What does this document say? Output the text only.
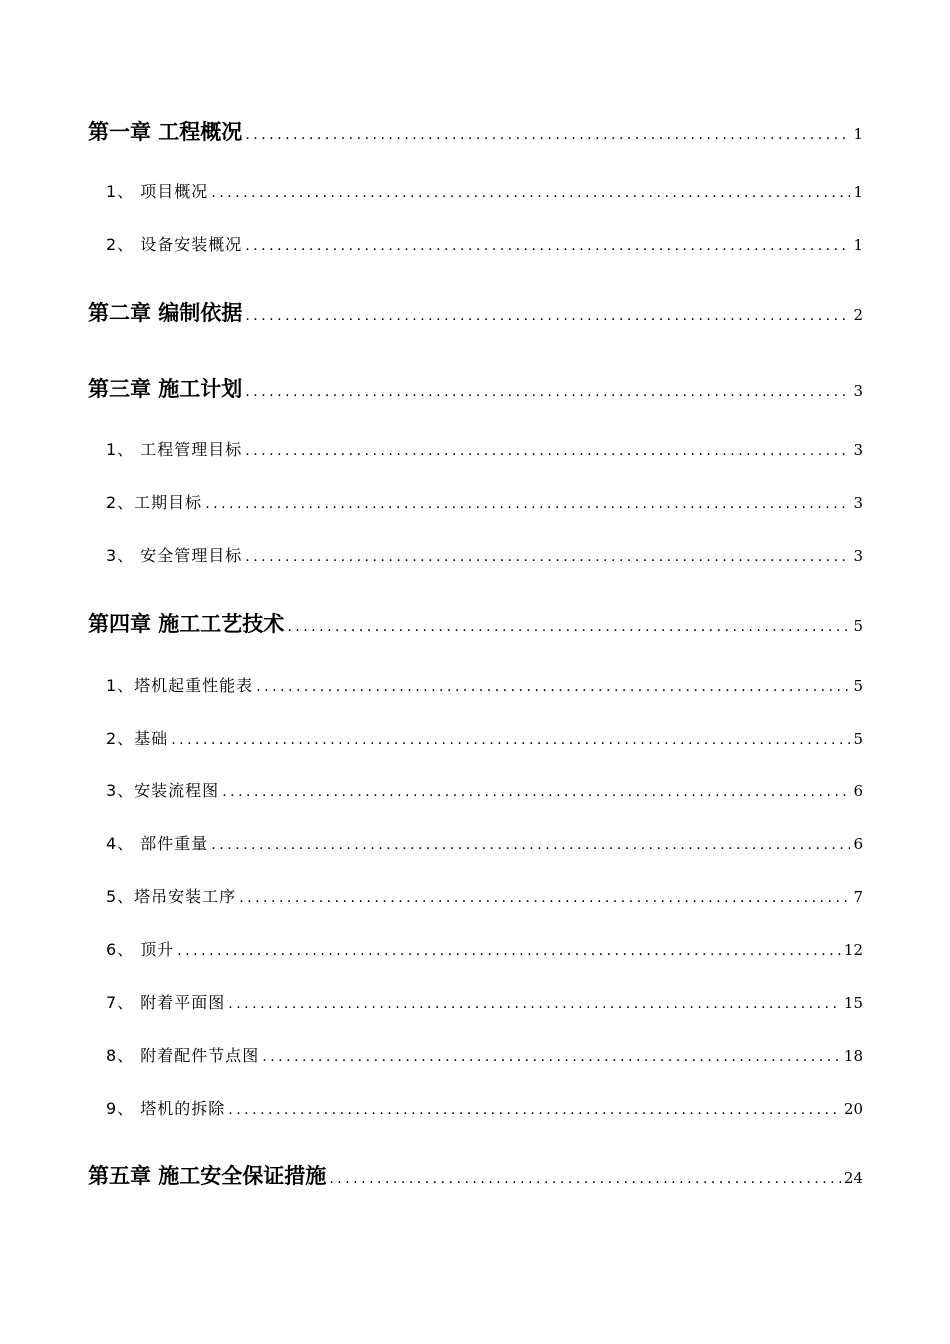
第一章 工程概况 .....	1
1、 项目概况 .....	1
2、 设备安装概况 .....	1
第二章 编制依据 .....	2
第三章 施工计划 .....	3
1、 工程管理目标 .....	3
2、工期目标 .....	3
3、 安全管理目标 .....	3
第四章 施工工艺技术 .....	5
1、塔机起重性能表 .....	5
2、基础 .....	5
3、安装流程图 .....	6
4、 部件重量 .....	6
5、塔吊安装工序 .....	7
6、 顶升 .....	12
7、 附着平面图 .....	15
8、 附着配件节点图 .....	18
9、 塔机的拆除 .....	20
第五章 施工安全保证措施 .....	24
